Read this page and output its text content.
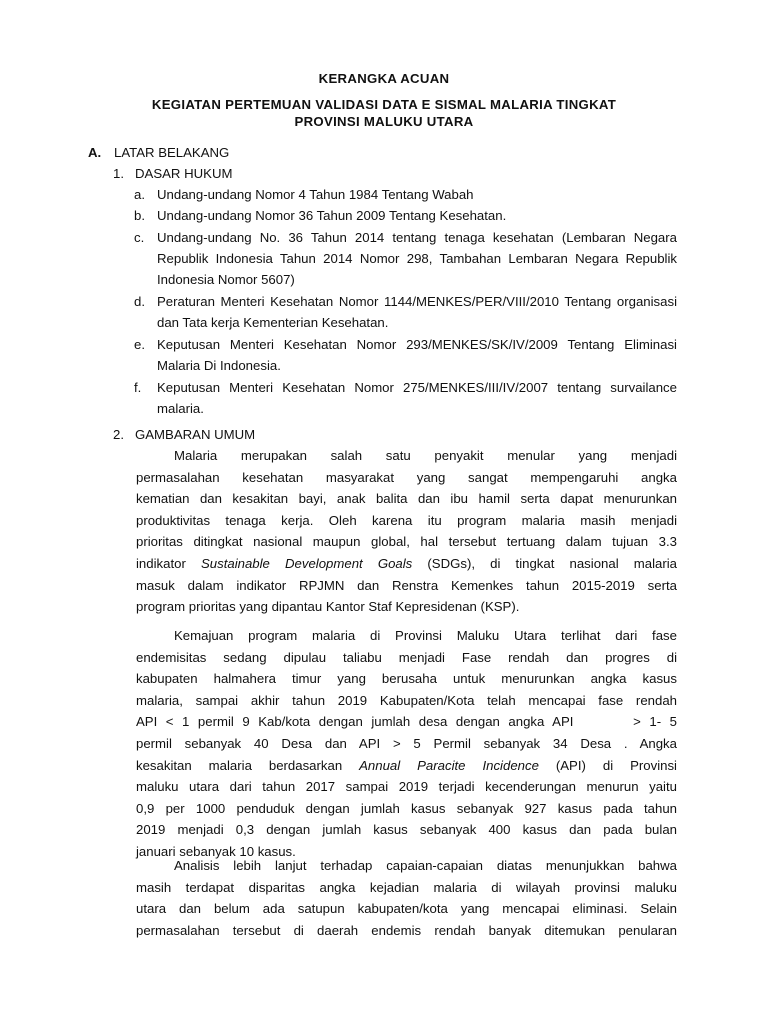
KERANGKA ACUAN
KEGIATAN PERTEMUAN VALIDASI DATA E SISMAL MALARIA TINGKAT
PROVINSI MALUKU UTARA
A. LATAR BELAKANG
1. DASAR HUKUM
a. Undang-undang Nomor 4 Tahun 1984 Tentang Wabah
b. Undang-undang Nomor 36 Tahun 2009 Tentang Kesehatan.
c. Undang-undang No. 36 Tahun 2014 tentang tenaga kesehatan (Lembaran Negara Republik Indonesia Tahun 2014 Nomor 298, Tambahan Lembaran Negara Republik Indonesia Nomor 5607)
d. Peraturan Menteri Kesehatan Nomor 1144/MENKES/PER/VIII/2010 Tentang organisasi dan Tata kerja Kementerian Kesehatan.
e. Keputusan Menteri Kesehatan Nomor 293/MENKES/SK/IV/2009 Tentang Eliminasi Malaria Di Indonesia.
f. Keputusan Menteri Kesehatan Nomor 275/MENKES/III/IV/2007 tentang survailance malaria.
2. GAMBARAN UMUM
Malaria merupakan salah satu penyakit menular yang menjadi
permasalahan kesehatan masyarakat yang sangat mempengaruhi angka
kematian dan kesakitan bayi, anak balita dan ibu hamil serta dapat menurunkan
produktivitas tenaga kerja. Oleh karena itu program malaria masih menjadi
prioritas ditingkat nasional maupun global, hal tersebut tertuang dalam tujuan 3.3
indikator Sustainable Development Goals (SDGs), di tingkat nasional malaria
masuk dalam indikator RPJMN dan Renstra Kemenkes tahun 2015-2019 serta
program prioritas yang dipantau Kantor Staf Kepresidenan (KSP).
Kemajuan program malaria di Provinsi Maluku Utara terlihat dari fase
endemisitas sedang dipulau taliabu menjadi Fase rendah dan progres di
kabupaten halmahera timur yang berusaha untuk menurunkan angka kasus
malaria, sampai akhir tahun 2019 Kabupaten/Kota telah mencapai fase rendah
API < 1 permil 9 Kab/kota dengan jumlah desa dengan angka API       > 1- 5
permil sebanyak 40 Desa dan API > 5 Permil sebanyak 34 Desa . Angka
kesakitan malaria berdasarkan Annual Paracite Incidence (API) di Provinsi
maluku utara dari tahun 2017 sampai 2019 terjadi kecenderungan menurun yaitu
0,9 per 1000 penduduk dengan jumlah kasus sebanyak 927 kasus pada tahun
2019 menjadi 0,3 dengan jumlah kasus sebanyak 400 kasus dan pada bulan
januari sebanyak 10 kasus.
Analisis lebih lanjut terhadap capaian-capaian diatas menunjukkan bahwa
masih terdapat disparitas angka kejadian malaria di wilayah provinsi maluku
utara dan belum ada satupun kabupaten/kota yang mencapai eliminasi. Selain
permasalahan tersebut di daerah endemis rendah banyak ditemukan penularan
